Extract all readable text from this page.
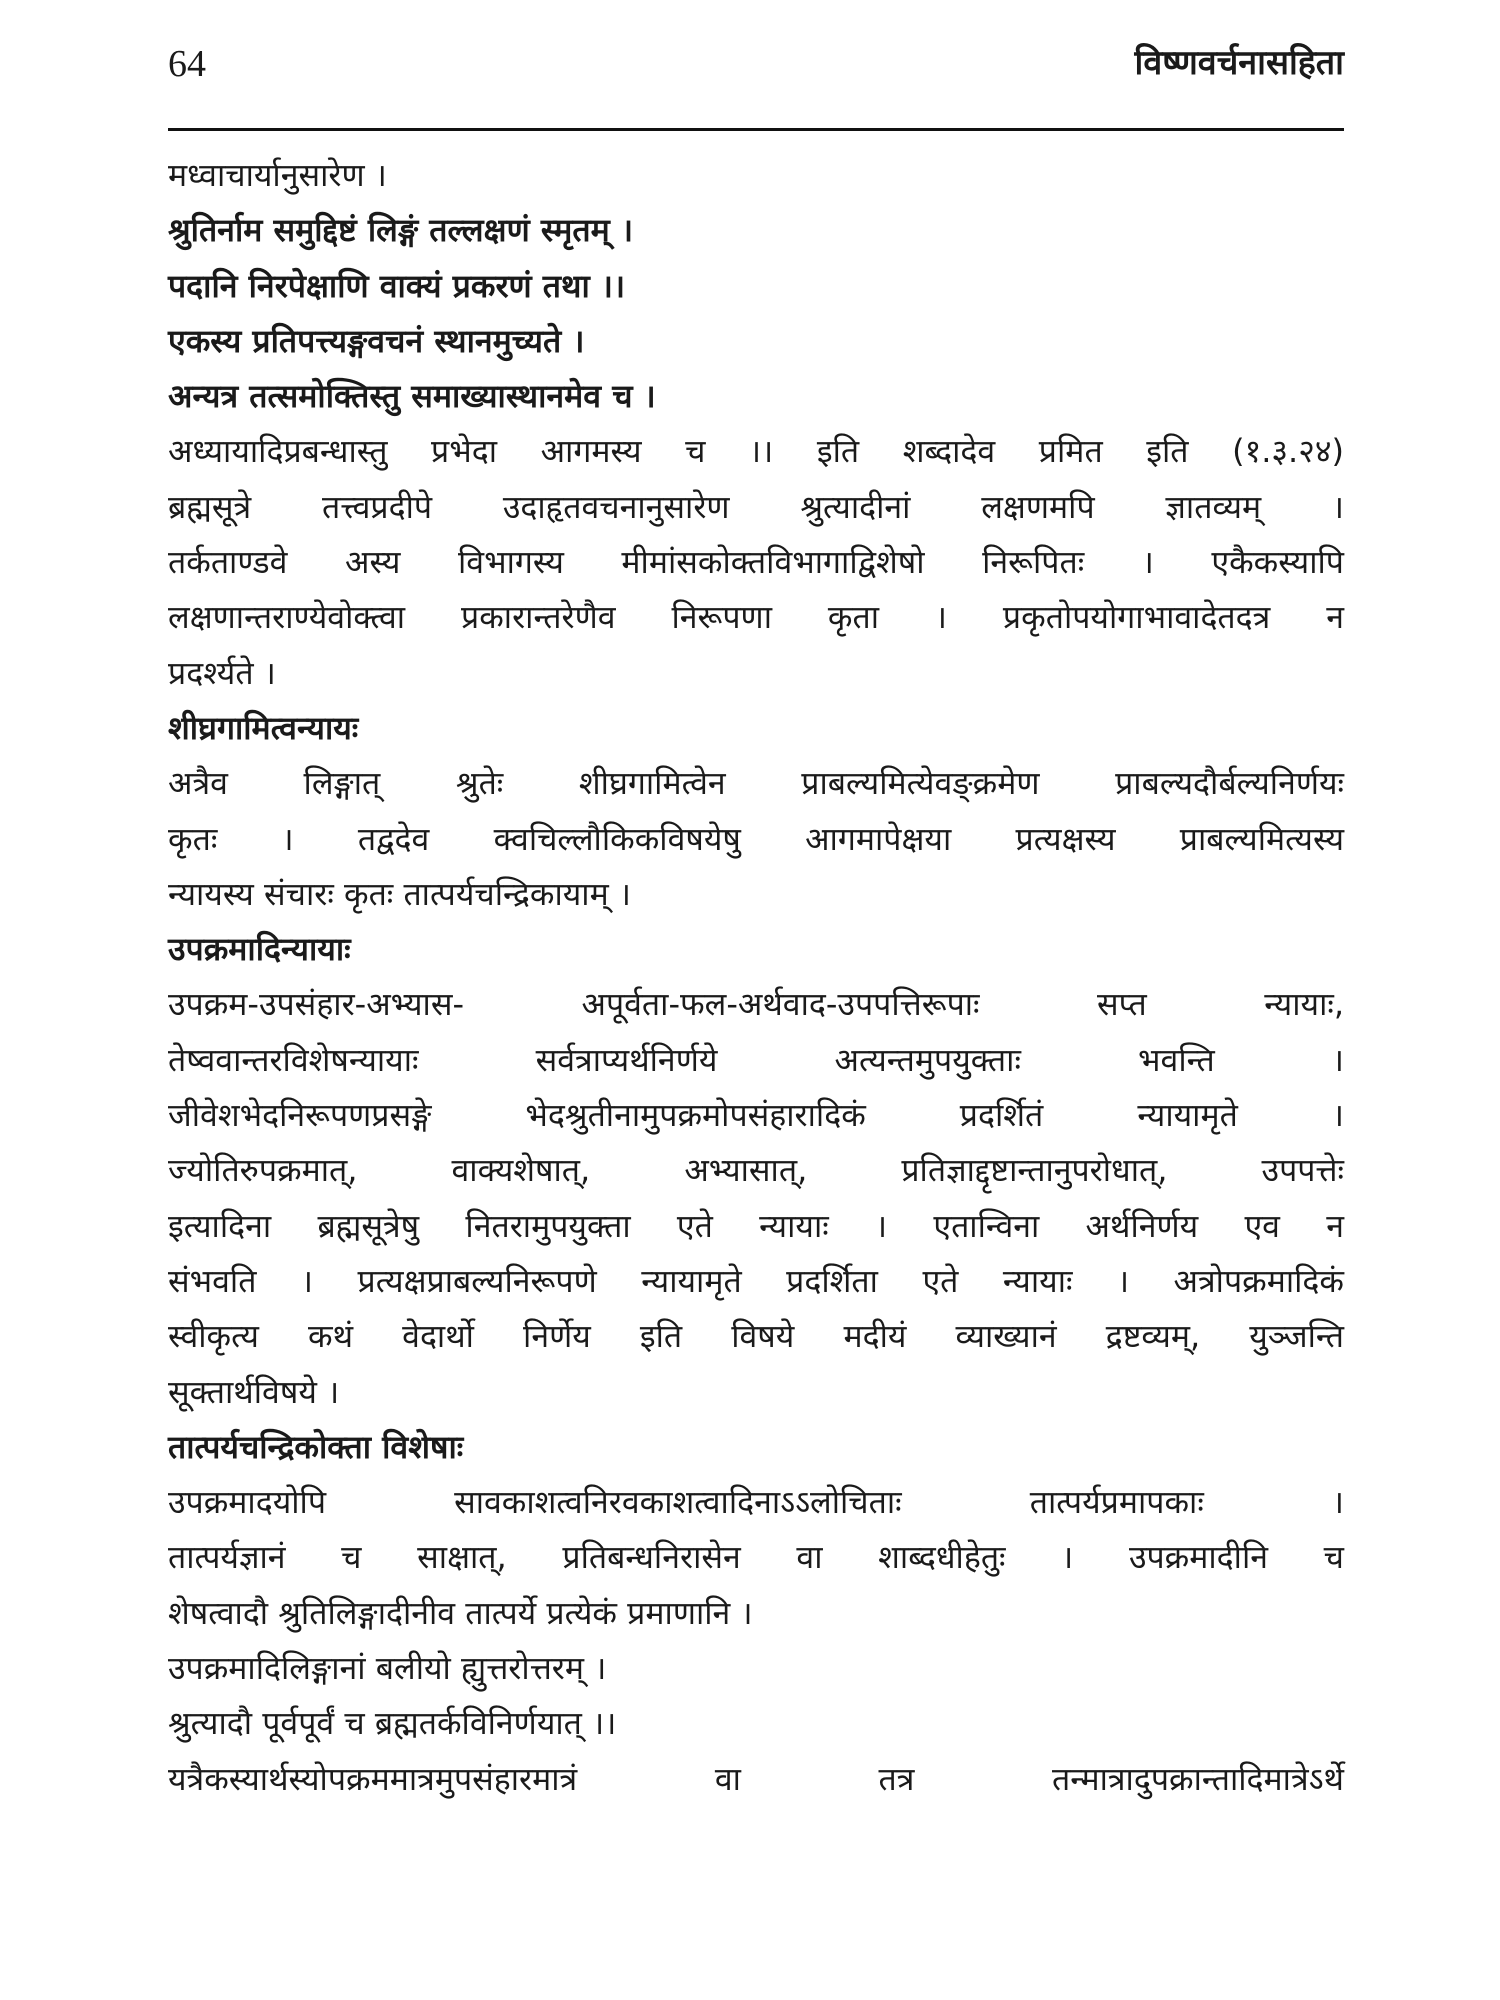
64	विष्णवर्चनासहिता

मध्वाचार्यानुसारेण ।

श्रुतिर्नाम समुद्दिष्टं लिङ्गं तल्लक्षणं स्मृतम् ।

पदानि निरपेक्षाणि वाक्यं प्रकरणं तथा ।।

एकस्य प्रतिपत्त्यङ्गवचनं स्थानमुच्यते ।

अन्यत्र तत्समोक्तिस्तु समाख्यास्थानमेव च ।

अध्यायादिप्रबन्धास्तु प्रभेदा आगमस्य च ।। इति शब्दादेव प्रमित इति (१.३.२४)

ब्रह्मसूत्रे तत्त्वप्रदीपे उदाहृतवचनानुसारेण श्रुत्यादीनां लक्षणमपि ज्ञातव्यम् ।

तर्कताण्डवे अस्य विभागस्य मीमांसकोक्तविभागाद्विशेषो निरूपितः । एकैकस्यापि

लक्षणान्तराण्येवोक्त्वा प्रकारान्तरेणैव निरूपणा कृता । प्रकृतोपयोगाभावादेतदत्र न

प्रदर्श्यते ।

शीघ्रगामित्वन्यायः

अत्रैव लिङ्गात् श्रुतेः शीघ्रगामित्वेन प्राबल्यमित्येवङ्क्रमेण प्राबल्यदौर्बल्यनिर्णयः

कृतः । तद्वदेव क्वचिल्लौकिकविषयेषु आगमापेक्षया प्रत्यक्षस्य प्राबल्यमित्यस्य

न्यायस्य संचारः कृतः तात्पर्यचन्द्रिकायाम् ।

उपक्रमादिन्यायाः

उपक्रम-उपसंहार-अभ्यास- अपूर्वता-फल-अर्थवाद-उपपत्तिरूपाः सप्त न्यायाः,

तेष्ववान्तरविशेषन्यायाः सर्वत्राप्यर्थनिर्णये अत्यन्तमुपयुक्ताः भवन्ति ।

जीवेशभेदनिरूपणप्रसङ्गे भेदश्रुतीनामुपक्रमोपसंहारादिकं प्रदर्शितं न्यायामृते ।

ज्योतिरुपक्रमात्, वाक्यशेषात्, अभ्यासात्, प्रतिज्ञाद्दृष्टान्तानुपरोधात्, उपपत्तेः

इत्यादिना ब्रह्मसूत्रेषु नितरामुपयुक्ता एते न्यायाः । एतान्विना अर्थनिर्णय एव न

संभवति । प्रत्यक्षप्राबल्यनिरूपणे न्यायामृते प्रदर्शिता एते न्यायाः । अत्रोपक्रमादिकं

स्वीकृत्य कथं वेदार्थो निर्णेय इति विषये मदीयं व्याख्यानं द्रष्टव्यम्, युञ्जन्ति

सूक्तार्थविषये ।

तात्पर्यचन्द्रिकोक्ता विशेषाः

उपक्रमादयोपि सावकाशत्वनिरवकाशत्वादिनाऽऽलोचिताः तात्पर्यप्रमापकाः ।

तात्पर्यज्ञानं च साक्षात्, प्रतिबन्धनिरासेन वा शाब्दधीहेतुः । उपक्रमादीनि च

शेषत्वादौ श्रुतिलिङ्गादीनीव तात्पर्ये प्रत्येकं प्रमाणानि ।

उपक्रमादिलिङ्गानां बलीयो ह्युत्तरोत्तरम् ।

श्रुत्यादौ पूर्वपूर्वं च ब्रह्मतर्कविनिर्णयात् ।।

यत्रैकस्यार्थस्योपक्रममात्रमुपसंहारमात्रं वा तत्र तन्मात्रादुपक्रान्तादिमात्रेऽर्थे
